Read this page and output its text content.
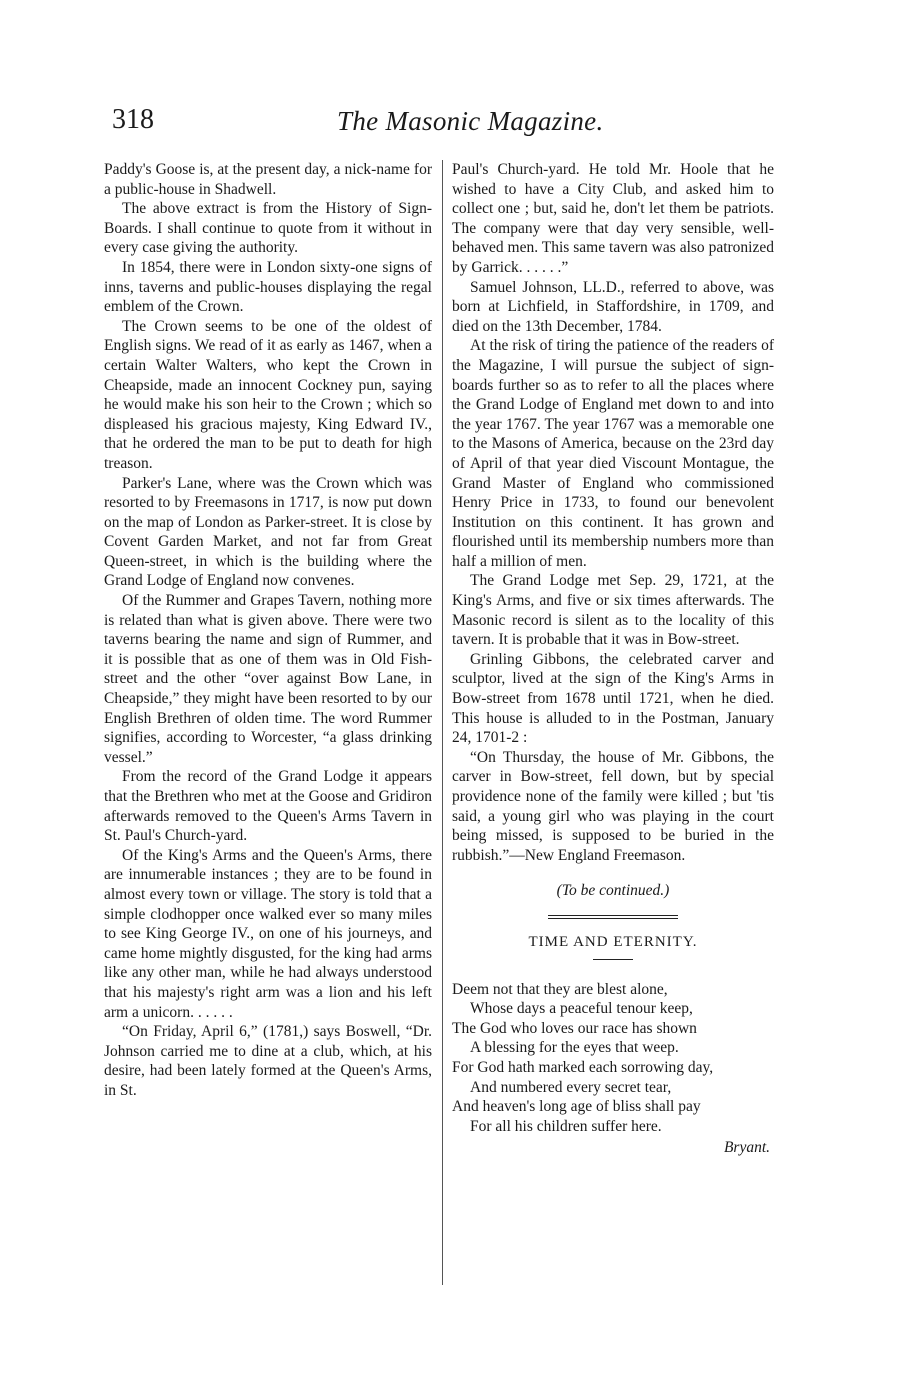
318	The Masonic Magazine.

Paddy's Goose is, at the present day, a nick-name for a public-house in Shadwell.

The above extract is from the History of Sign-Boards. I shall continue to quote from it without in every case giving the authority.

In 1854, there were in London sixty-one signs of inns, taverns and public-houses displaying the regal emblem of the Crown.

The Crown seems to be one of the oldest of English signs. We read of it as early as 1467, when a certain Walter Walters, who kept the Crown in Cheapside, made an innocent Cockney pun, saying he would make his son heir to the Crown ; which so displeased his gracious majesty, King Edward IV., that he ordered the man to be put to death for high treason.

Parker's Lane, where was the Crown which was resorted to by Freemasons in 1717, is now put down on the map of London as Parker-street. It is close by Covent Garden Market, and not far from Great Queen-street, in which is the building where the Grand Lodge of England now convenes.

Of the Rummer and Grapes Tavern, nothing more is related than what is given above. There were two taverns bearing the name and sign of Rummer, and it is possible that as one of them was in Old Fish-street and the other “over against Bow Lane, in Cheapside,” they might have been resorted to by our English Brethren of olden time. The word Rummer signifies, according to Worcester, “a glass drinking vessel.”

From the record of the Grand Lodge it appears that the Brethren who met at the Goose and Gridiron afterwards removed to the Queen's Arms Tavern in St. Paul's Church-yard.

Of the King's Arms and the Queen's Arms, there are innumerable instances ; they are to be found in almost every town or village. The story is told that a simple clodhopper once walked ever so many miles to see King George IV., on one of his journeys, and came home mightly disgusted, for the king had arms like any other man, while he had always understood that his majesty's right arm was a lion and his left arm a unicorn. . . . . .

“On Friday, April 6,” (1781,) says Boswell, “Dr. Johnson carried me to dine at a club, which, at his desire, had been lately formed at the Queen's Arms, in St.

Paul's Church-yard. He told Mr. Hoole that he wished to have a City Club, and asked him to collect one ; but, said he, don't let them be patriots. The company were that day very sensible, well-behaved men. This same tavern was also patronized by Garrick. . . . . .”

Samuel Johnson, LL.D., referred to above, was born at Lichfield, in Staffordshire, in 1709, and died on the 13th December, 1784.

At the risk of tiring the patience of the readers of the Magazine, I will pursue the subject of sign-boards further so as to refer to all the places where the Grand Lodge of England met down to and into the year 1767. The year 1767 was a memorable one to the Masons of America, because on the 23rd day of April of that year died Viscount Montague, the Grand Master of England who commissioned Henry Price in 1733, to found our benevolent Institution on this continent. It has grown and flourished until its membership numbers more than half a million of men.

The Grand Lodge met Sep. 29, 1721, at the King's Arms, and five or six times afterwards. The Masonic record is silent as to the locality of this tavern. It is probable that it was in Bow-street.

Grinling Gibbons, the celebrated carver and sculptor, lived at the sign of the King's Arms in Bow-street from 1678 until 1721, when he died. This house is alluded to in the Postman, January 24, 1701-2 :

“On Thursday, the house of Mr. Gibbons, the carver in Bow-street, fell down, but by special providence none of the family were killed ; but 'tis said, a young girl who was playing in the court being missed, is supposed to be buried in the rubbish.”—New England Freemason.

(To be continued.)

TIME AND ETERNITY.
Deem not that they are blest alone,
Whose days a peaceful tenour keep,
The God who loves our race has shown
A blessing for the eyes that weep.
For God hath marked each sorrowing day,
And numbered every secret tear,
And heaven's long age of bliss shall pay
For all his children suffer here.
Bryant.
